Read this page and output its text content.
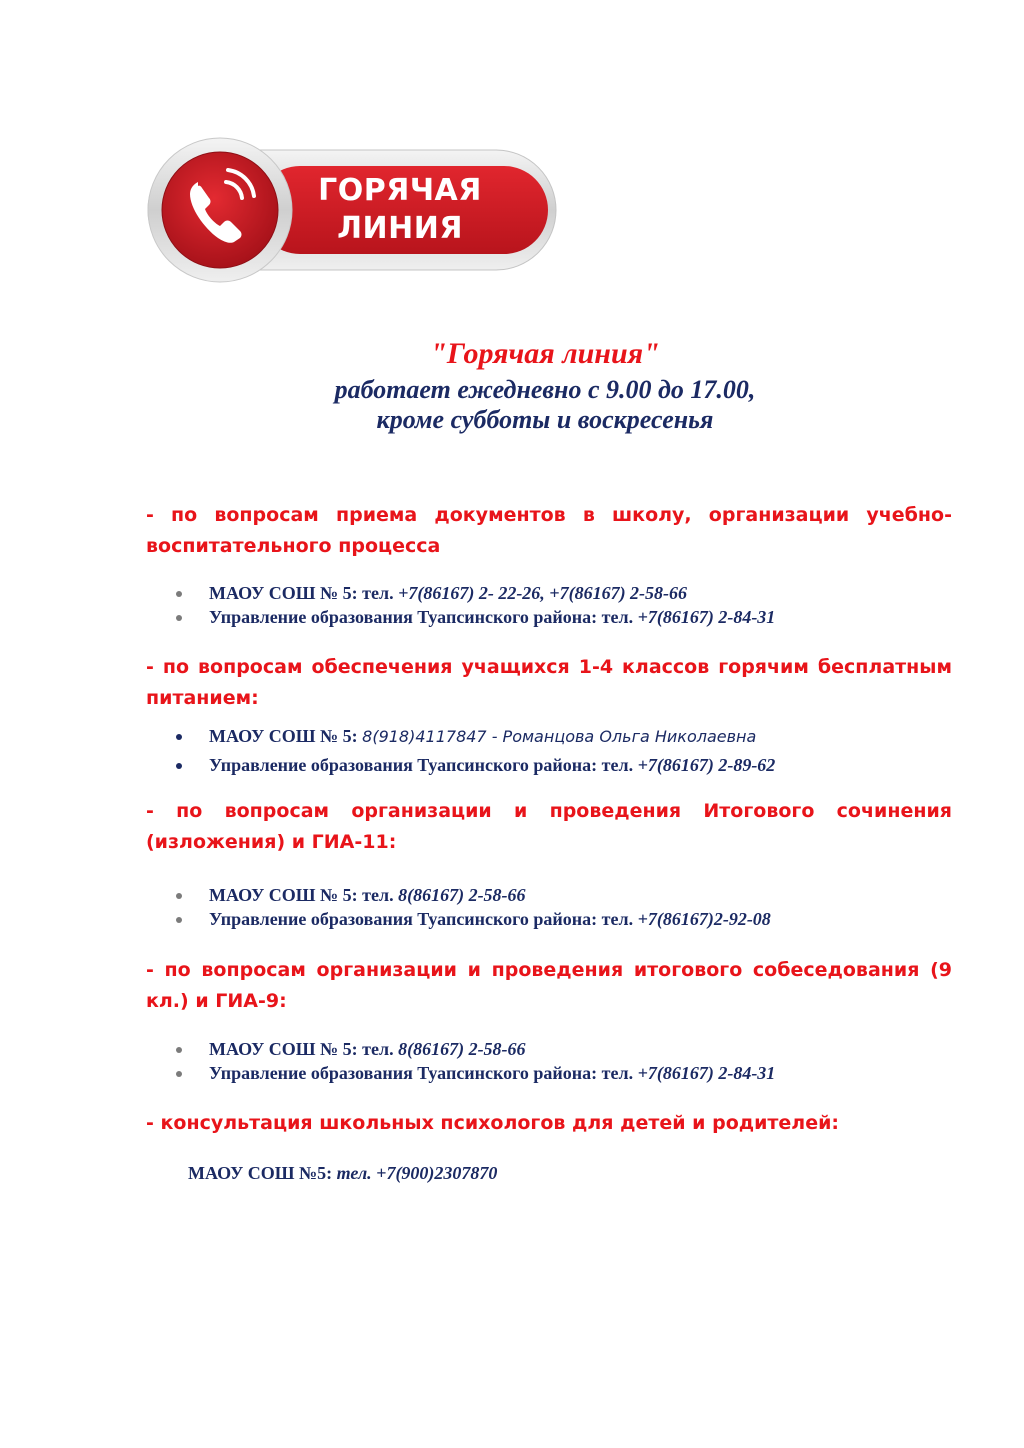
ГОРЯЧАЯ
ЛИНИЯ
"Горячая линия"
работает ежедневно с 9.00 до 17.00,
кроме субботы и воскресенья
- по вопросам приема документов в школу, организации учебно-воспитательного процесса
МАОУ СОШ № 5: тел. +7(86167) 2- 22-26, +7(86167) 2-58-66
Управление образования Туапсинского района: тел. +7(86167) 2-84-31
- по вопросам обеспечения учащихся 1-4 классов горячим бесплатным питанием:
МАОУ СОШ № 5: 8(918)4117847 - Романцова Ольга Николаевна
Управление образования Туапсинского района: тел. +7(86167) 2-89-62
- по вопросам организации и проведения Итогового сочинения (изложения) и ГИА-11:
МАОУ СОШ № 5: тел. 8(86167) 2-58-66
Управление образования Туапсинского района: тел. +7(86167)2-92-08
- по вопросам организации и проведения итогового собеседования (9 кл.) и ГИА-9:
МАОУ СОШ № 5: тел. 8(86167) 2-58-66
Управление образования Туапсинского района: тел. +7(86167) 2-84-31
- консультация школьных психологов для детей и родителей:
МАОУ СОШ №5: тел. +7(900)2307870
